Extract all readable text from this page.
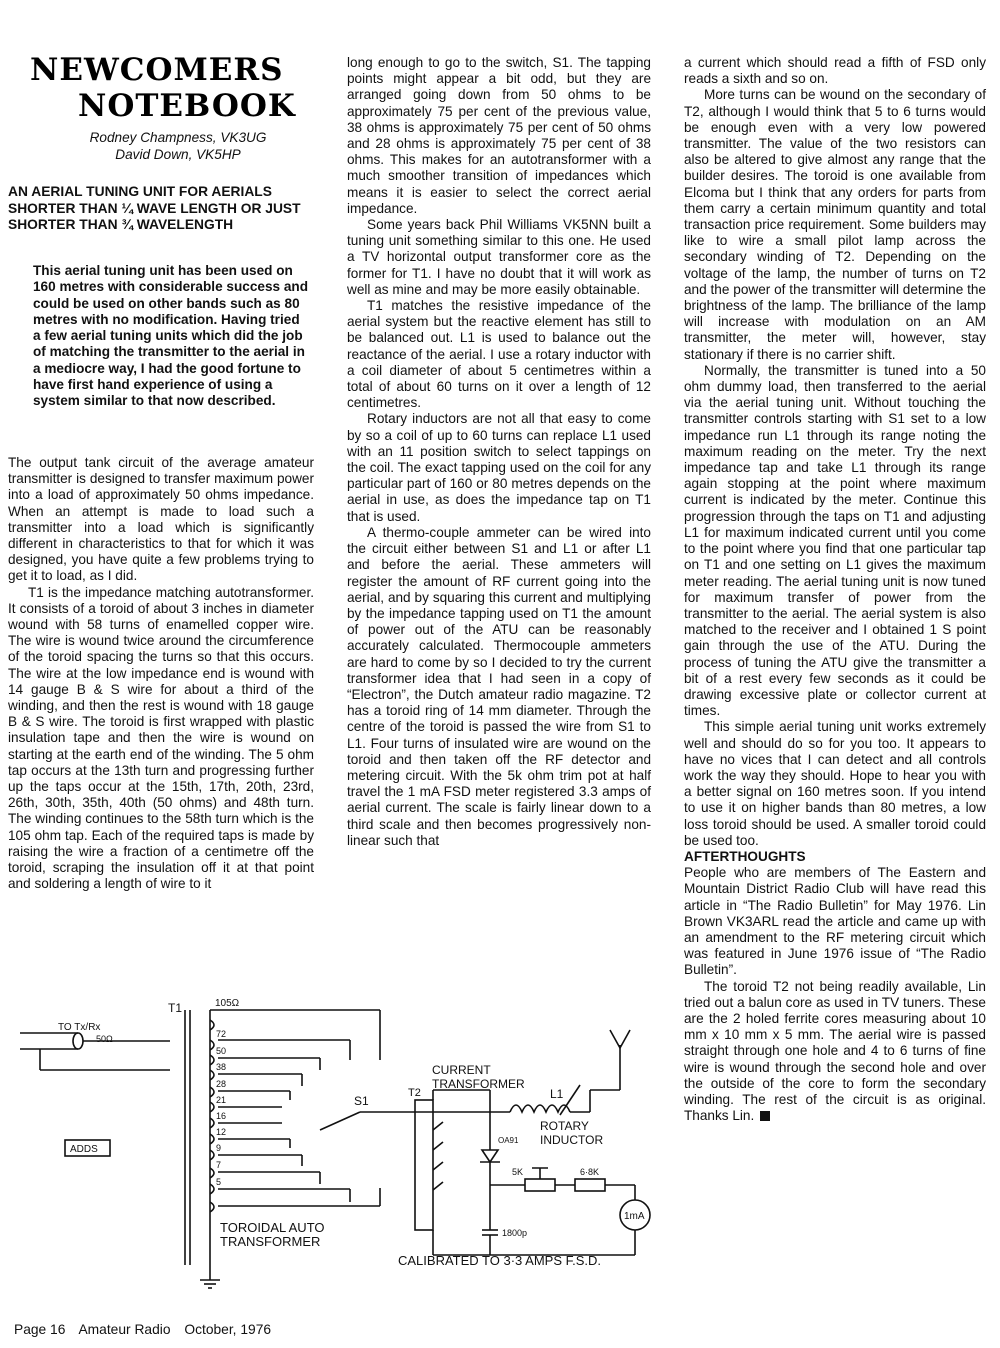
NEWCOMERS
NOTEBOOK
Rodney Champness, VK3UG
David Down, VK5HP
AN AERIAL TUNING UNIT FOR AERIALS SHORTER THAN ¼ WAVE LENGTH OR JUST SHORTER THAN ¾ WAVELENGTH
This aerial tuning unit has been used on 160 metres with considerable success and could be used on other bands such as 80 metres with no modification. Having tried a few aerial tuning units which did the job of matching the transmitter to the aerial in a mediocre way, I had the good fortune to have first hand experience of using a system similar to that now described.

The output tank circuit of the average amateur transmitter is designed to transfer maximum power into a load of approximately 50 ohms impedance. When an attempt is made to load such a transmitter into a load which is significantly different in characteristics to that for which it was designed, you have quite a few problems trying to get it to load, as I did.

T1 is the impedance matching autotransformer. It consists of a toroid of about 3 inches in diameter wound with 58 turns of enamelled copper wire. The wire is wound twice around the circumference of the toroid spacing the turns so that this occurs. The wire at the low impedance end is wound with 14 gauge B & S wire for about a third of the winding, and then the rest is wound with 18 gauge B & S wire. The toroid is first wrapped with plastic insulation tape and then the wire is wound on starting at the earth end of the winding. The 5 ohm tap occurs at the 13th turn and progressing further up the taps occur at the 15th, 17th, 20th, 23rd, 26th, 30th, 35th, 40th (50 ohms) and 48th turn. The winding continues to the 58th turn which is the 105 ohm tap. Each of the required taps is made by raising the wire a fraction of a centimetre off the toroid, scraping the insulation off it at that point and soldering a length of wire to it

long enough to go to the switch, S1. The tapping points might appear a bit odd, but they are arranged going down from 50 ohms to be approximately 75 per cent of the previous value, 38 ohms is approximately 75 per cent of 50 ohms and 28 ohms is approximately 75 per cent of 38 ohms. This makes for an autotransformer with a much smoother transition of impedances which means it is easier to select the correct aerial impedance.

Some years back Phil Williams VK5NN built a tuning unit something similar to this one. He used a TV horizontal output transformer core as the former for T1. I have no doubt that it will work as well as mine and may be more easily obtainable.

T1 matches the resistive impedance of the aerial system but the reactive element has still to be balanced out. L1 is used to balance out the reactance of the aerial. I use a rotary inductor with a coil diameter of about 5 centimetres within a total of about 60 turns on it over a length of 12 centimetres.

Rotary inductors are not all that easy to come by so a coil of up to 60 turns can replace L1 used with an 11 position switch to select tappings on the coil. The exact tapping used on the coil for any particular part of 160 or 80 metres depends on the aerial in use, as does the impedance tap on T1 that is used.

A thermo-couple ammeter can be wired into the circuit either between S1 and L1 or after L1 and before the aerial. These ammeters will register the amount of RF current going into the aerial, and by squaring this current and multiplying by the impedance tapping used on T1 the amount of power out of the ATU can be reasonably accurately calculated. Thermocouple ammeters are hard to come by so I decided to try the current transformer idea that I had seen in a copy of “Electron”, the Dutch amateur radio magazine. T2 has a toroid ring of 14 mm diameter. Through the centre of the toroid is passed the wire from S1 to L1. Four turns of insulated wire are wound on the toroid and then taken off the RF detector and metering circuit. With the 5k ohm trim pot at half travel the 1 mA FSD meter registered 3.3 amps of aerial current. The scale is fairly linear down to a third scale and then becomes progressively non-linear such that

a current which should read a fifth of FSD only reads a sixth and so on.

More turns can be wound on the secondary of T2, although I would think that 5 to 6 turns would be enough even with a very low powered transmitter. The value of the two resistors can also be altered to give almost any range that the builder desires. The toroid is one available from Elcoma but I think that any orders for parts from them carry a certain minimum quantity and total transaction price requirement. Some builders may like to wire a small pilot lamp across the secondary winding of T2. Depending on the voltage of the lamp, the number of turns on T2 and the power of the transmitter will determine the brightness of the lamp. The brilliance of the lamp will increase with modulation on an AM transmitter, the meter will, however, stay stationary if there is no carrier shift.

Normally, the transmitter is tuned into a 50 ohm dummy load, then transferred to the aerial via the aerial tuning unit. Without touching the transmitter controls starting with S1 set to a low impedance run L1 through its range noting the maximum reading on the meter. Try the next impedance tap and take L1 through its range again stopping at the point where maximum current is indicated by the meter. Continue this progression through the taps on T1 and adjusting L1 for maximum indicated current until you come to the point where you find that one particular tap on T1 and one setting on L1 gives the maximum meter reading. The aerial tuning unit is now tuned for maximum transfer of power from the transmitter to the aerial. The aerial system is also matched to the receiver and I obtained 1 S point gain through the use of the ATU. During the process of tuning the ATU give the transmitter a bit of a rest every few seconds as it could be drawing excessive plate or collector current at times.

This simple aerial tuning unit works extremely well and should do so for you too. It appears to have no vices that I can detect and all controls work the way they should. Hope to hear you with a better signal on 160 metres soon. If you intend to use it on higher bands than 80 metres, a low loss toroid should be used. A smaller toroid could be used too.

AFTERTHOUGHTS

People who are members of The Eastern and Mountain District Radio Club will have read this article in “The Radio Bulletin” for May 1976. Lin Brown VK3ARL read the article and came up with an amendment to the RF metering circuit which was featured in June 1976 issue of “The Radio Bulletin”.

The toroid T2 not being readily available, Lin tried out a balun core as used in TV tuners. These are the 2 holed ferrite cores measuring about 10 mm x 10 mm x 5 mm. The aerial wire is passed straight through one hole and 4 to 6 turns of fine wire is wound through the second hole and over the outside of the core to form the secondary winding. The rest of the circuit is as original. Thanks Lin.

T1
TO Tx/Rx
50Ω
105Ω
72
50
38
28
21
16
12
9
7
5
ADDS
S1
CURRENT
TRANSFORMER
T2	L1
ROTARY
INDUCTOR
OA91
5K	6·8K
1800p
1mA
TOROIDAL AUTO
TRANSFORMER
CALIBRATED TO 3·3 AMPS F.S.D.
Page 16 Amateur Radio October, 1976
